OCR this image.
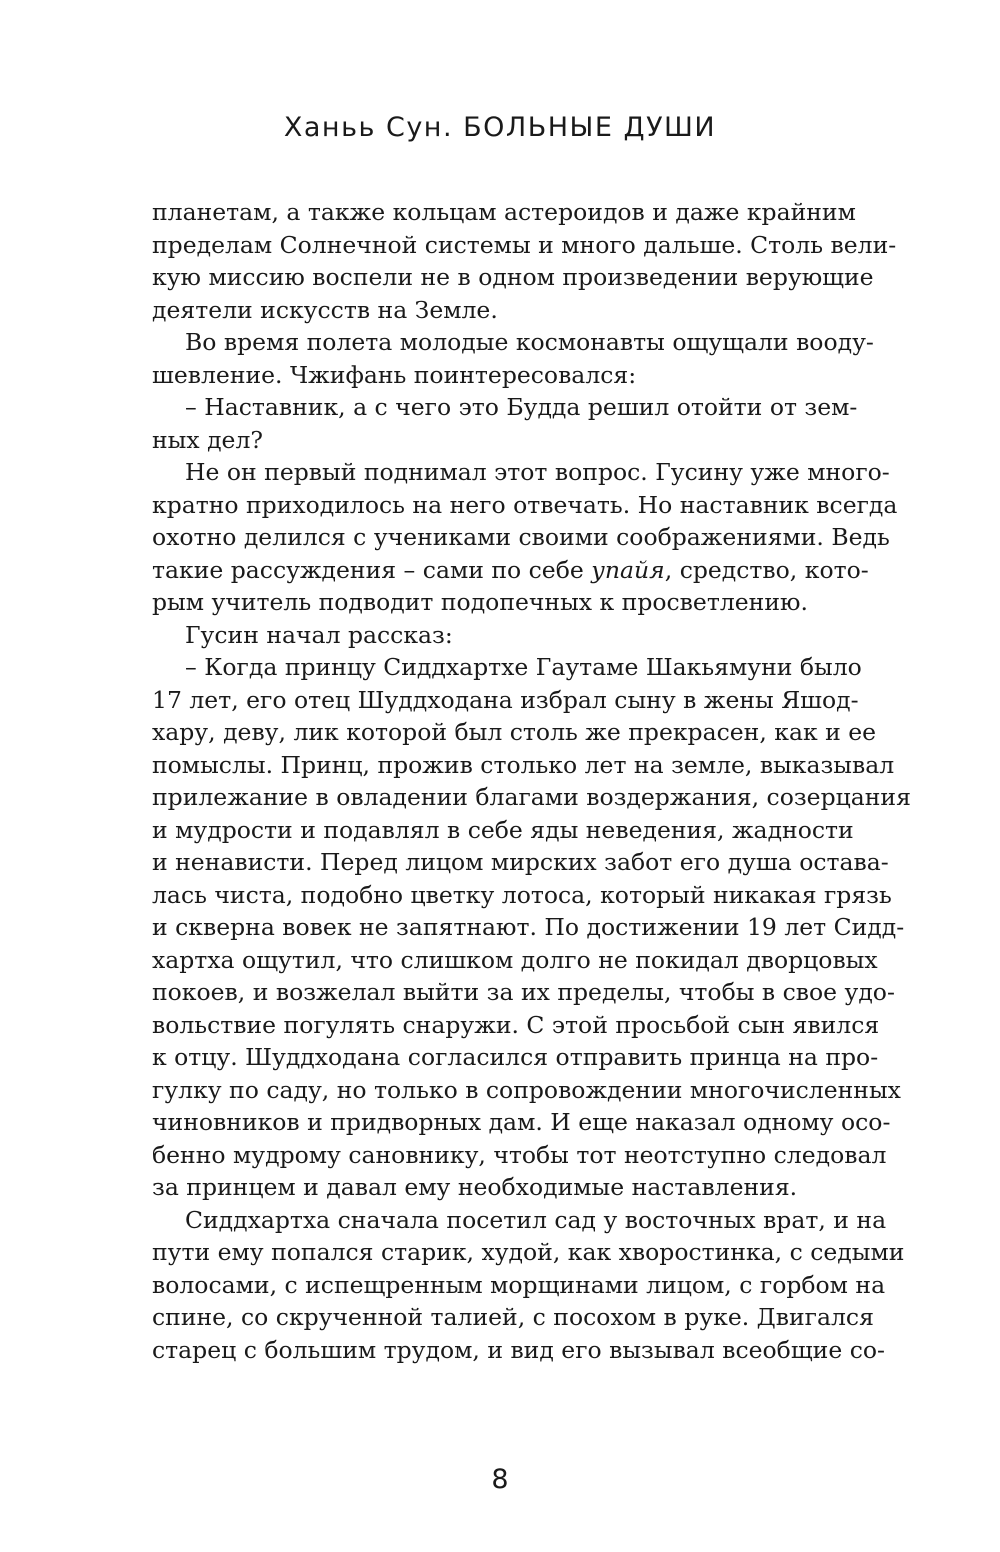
Ханьь Сун. БОЛЬНЫЕ ДУШИ
планетам, а также кольцам астероидов и даже крайним
пределам Солнечной системы и много дальше. Столь вели-
кую миссию воспели не в одном произведении верующие
деятели искусств на Земле.
Во время полета молодые космонавты ощущали вооду-
шевление. Чжифань поинтересовался:
– Наставник, а с чего это Будда решил отойти от зем-
ных дел?
Не он первый поднимал этот вопрос. Гусину уже много-
кратно приходилось на него отвечать. Но наставник всегда
охотно делился с учениками своими соображениями. Ведь
такие рассуждения – сами по себе упайя, средство, кото-
рым учитель подводит подопечных к просветлению.
Гусин начал рассказ:
– Когда принцу Сиддхартхе Гаутаме Шакьямуни было
17 лет, его отец Шуддходана избрал сыну в жены Яшод-
хару, деву, лик которой был столь же прекрасен, как и ее
помыслы. Принц, прожив столько лет на земле, выказывал
прилежание в овладении благами воздержания, созерцания
и мудрости и подавлял в себе яды неведения, жадности
и ненависти. Перед лицом мирских забот его душа остава-
лась чиста, подобно цветку лотоса, который никакая грязь
и скверна вовек не запятнают. По достижении 19 лет Сидд-
хартха ощутил, что слишком долго не покидал дворцовых
покоев, и возжелал выйти за их пределы, чтобы в свое удо-
вольствие погулять снаружи. С этой просьбой сын явился
к отцу. Шуддходана согласился отправить принца на про-
гулку по саду, но только в сопровождении многочисленных
чиновников и придворных дам. И еще наказал одному осо-
бенно мудрому сановнику, чтобы тот неотступно следовал
за принцем и давал ему необходимые наставления.
Сиддхартха сначала посетил сад у восточных врат, и на
пути ему попался старик, худой, как хворостинка, с седыми
волосами, с испещренным морщинами лицом, с горбом на
спине, со скрученной талией, с посохом в руке. Двигался
старец с большим трудом, и вид его вызывал всеобщие со-
8
